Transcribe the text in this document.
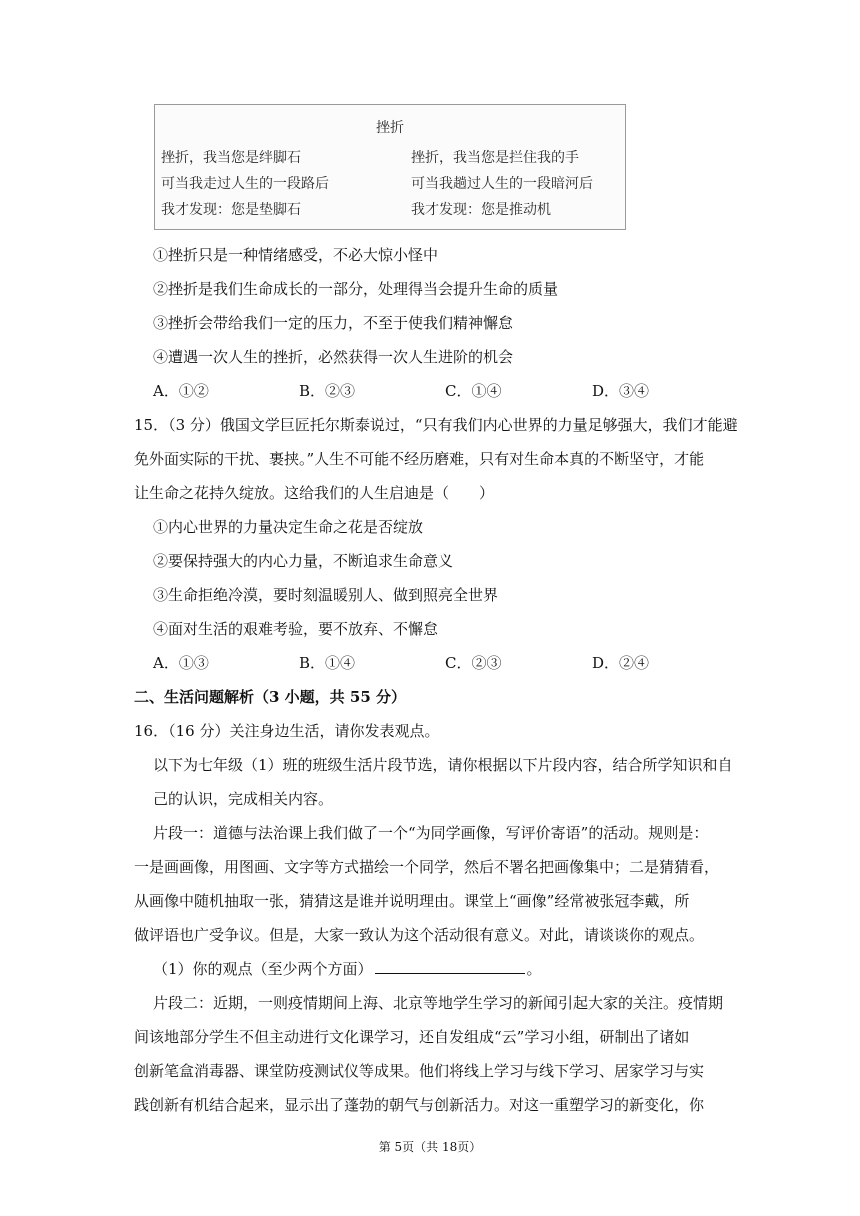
挫折
挫折，我当您是绊脚石
可当我走过人生的一段路后
我才发现：您是垫脚石
挫折，我当您是拦住我的手
可当我趟过人生的一段暗河后
我才发现：您是推动机
①挫折只是一种情绪感受，不必大惊小怪中
②挫折是我们生命成长的一部分，处理得当会提升生命的质量
③挫折会带给我们一定的压力，不至于使我们精神懈怠
④遭遇一次人生的挫折，必然获得一次人生进阶的机会
A．①②	B．②③	C．①④	D．③④
15．（3 分）俄国文学巨匠托尔斯泰说过，“只有我们内心世界的力量足够强大，我们才能避
免外面实际的干扰、裹挟。”人生不可能不经历磨难，只有对生命本真的不断坚守，才能
让生命之花持久绽放。这给我们的人生启迪是（　　）
①内心世界的力量决定生命之花是否绽放
②要保持强大的内心力量，不断追求生命意义
③生命拒绝冷漠，要时刻温暖别人、做到照亮全世界
④面对生活的艰难考验，要不放弃、不懈怠
A．①③	B．①④	C．②③	D．②④
二、生活问题解析（3 小题，共 55 分）
16．（16 分）关注身边生活，请你发表观点。
以下为七年级（1）班的班级生活片段节选，请你根据以下片段内容，结合所学知识和自
己的认识，完成相关内容。
片段一：道德与法治课上我们做了一个“为同学画像，写评价寄语”的活动。规则是：
一是画画像，用图画、文字等方式描绘一个同学，然后不署名把画像集中；二是猜猜看，
从画像中随机抽取一张，猜猜这是谁并说明理由。课堂上“画像”经常被张冠李戴，所
做评语也广受争议。但是，大家一致认为这个活动很有意义。对此，请谈谈你的观点。
（1）你的观点（至少两个方面）	。
片段二：近期，一则疫情期间上海、北京等地学生学习的新闻引起大家的关注。疫情期
间该地部分学生不但主动进行文化课学习，还自发组成“云”学习小组，研制出了诸如
创新笔盒消毒器、课堂防疫测试仪等成果。他们将线上学习与线下学习、居家学习与实
践创新有机结合起来，显示出了蓬勃的朝气与创新活力。对这一重塑学习的新变化，你
第 5页（共 18页）
